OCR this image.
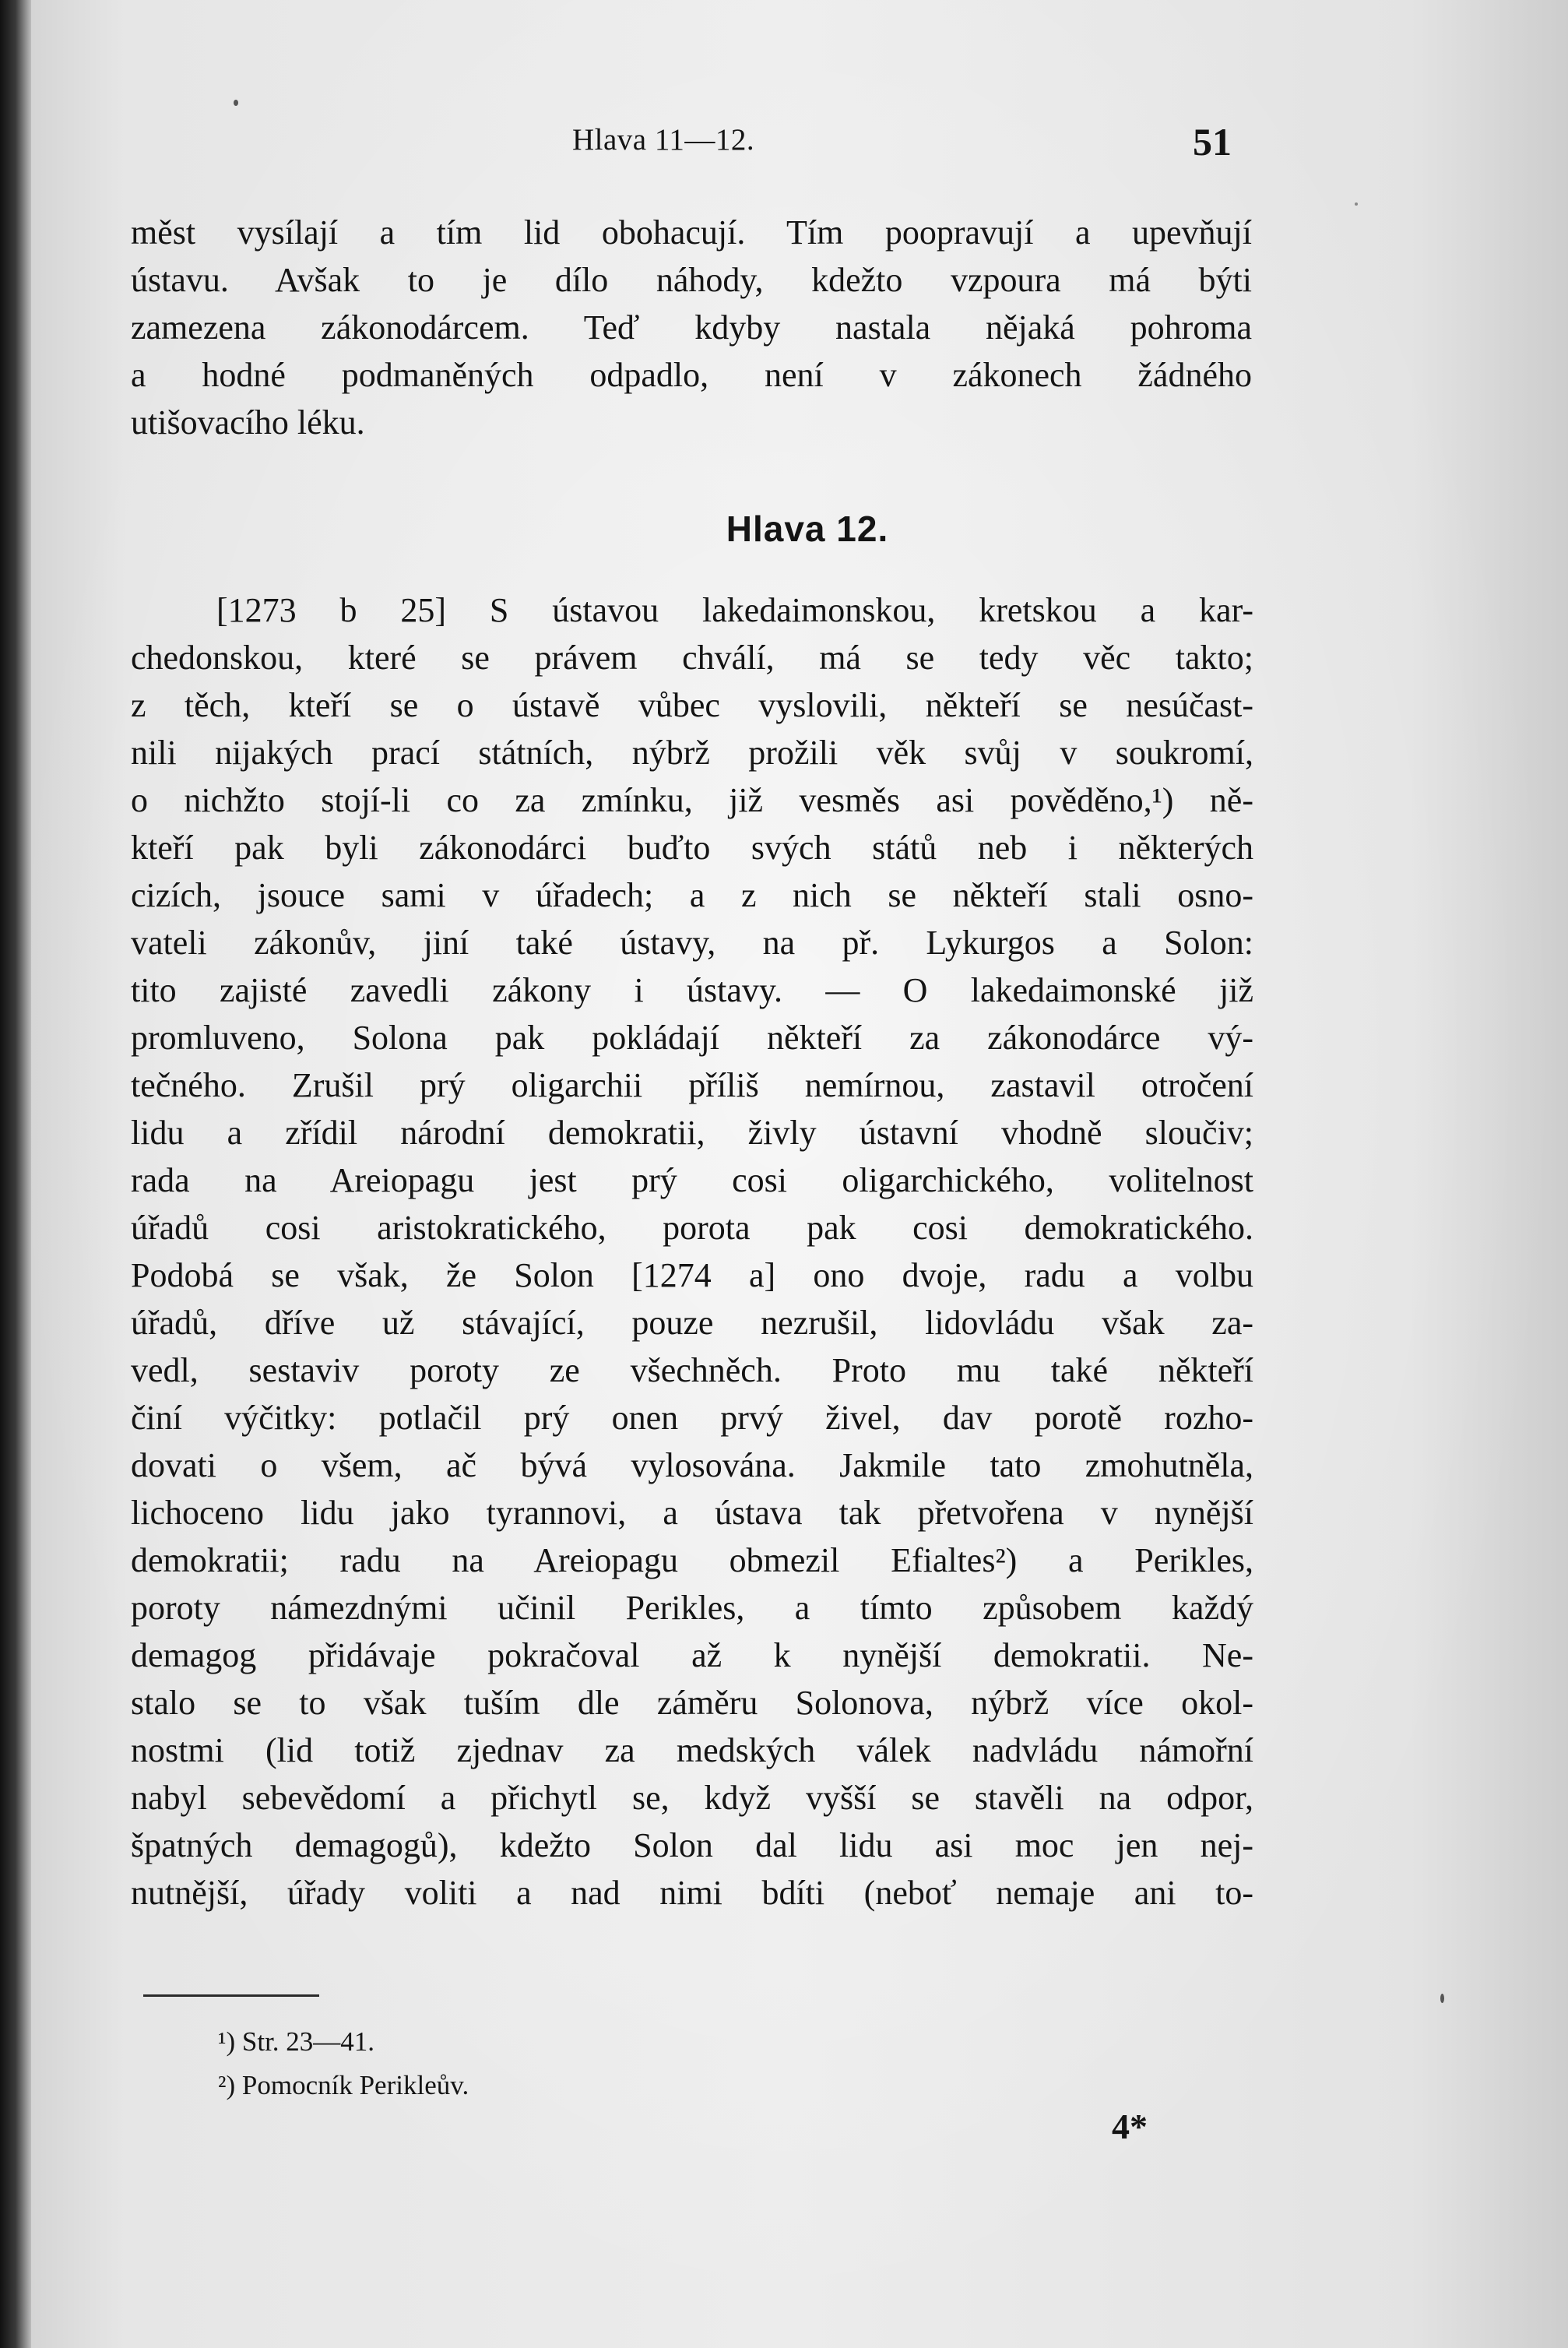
Hlava 11—12.	51
měst vysílají a tím lid obohacují. Tím poopravují a upevňují
ústavu. Avšak to je dílo náhody, kdežto vzpoura má býti
zamezena zákonodárcem. Teď kdyby nastala nějaká pohroma
a hodné podmaněných odpadlo, není v zákonech žádného
utišovacího léku.
Hlava 12.
[1273 b 25] S ústavou lakedaimonskou, kretskou a kar-
chedonskou, které se právem chválí, má se tedy věc takto;
z těch, kteří se o ústavě vůbec vyslovili, někteří se nesúčast-
nili nijakých prací státních, nýbrž prožili věk svůj v soukromí,
o nichžto stojí-li co za zmínku, již vesměs asi pověděno,¹) ně-
kteří pak byli zákonodárci buďto svých států neb i některých
cizích, jsouce sami v úřadech; a z nich se někteří stali osno-
vateli zákonův, jiní také ústavy, na př. Lykurgos a Solon:
tito zajisté zavedli zákony i ústavy. — O lakedaimonské již
promluveno, Solona pak pokládají někteří za zákonodárce vý-
tečného. Zrušil prý oligarchii příliš nemírnou, zastavil otročení
lidu a zřídil národní demokratii, živly ústavní vhodně sloučiv;
rada na Areiopagu jest prý cosi oligarchického, volitelnost
úřadů cosi aristokratického, porota pak cosi demokratického.
Podobá se však, že Solon [1274 a] ono dvoje, radu a volbu
úřadů, dříve už stávající, pouze nezrušil, lidovládu však za-
vedl, sestaviv poroty ze všechněch. Proto mu také někteří
činí výčitky: potlačil prý onen prvý živel, dav porotě rozho-
dovati o všem, ač bývá vylosována. Jakmile tato zmohutněla,
lichoceno lidu jako tyrannovi, a ústava tak přetvořena v nynější
demokratii; radu na Areiopagu obmezil Efialtes²) a Perikles,
poroty námezdnými učinil Perikles, a tímto způsobem každý
demagog přidávaje pokračoval až k nynější demokratii. Ne-
stalo se to však tuším dle záměru Solonova, nýbrž více okol-
nostmi (lid totiž zjednav za medských válek nadvládu námořní
nabyl sebevědomí a přichytl se, když vyšší se stavěli na odpor,
špatných demagogů), kdežto Solon dal lidu asi moc jen nej-
nutnější, úřady voliti a nad nimi bdíti (neboť nemaje ani to-
¹) Str. 23—41.
²) Pomocník Perikleův.
4*
